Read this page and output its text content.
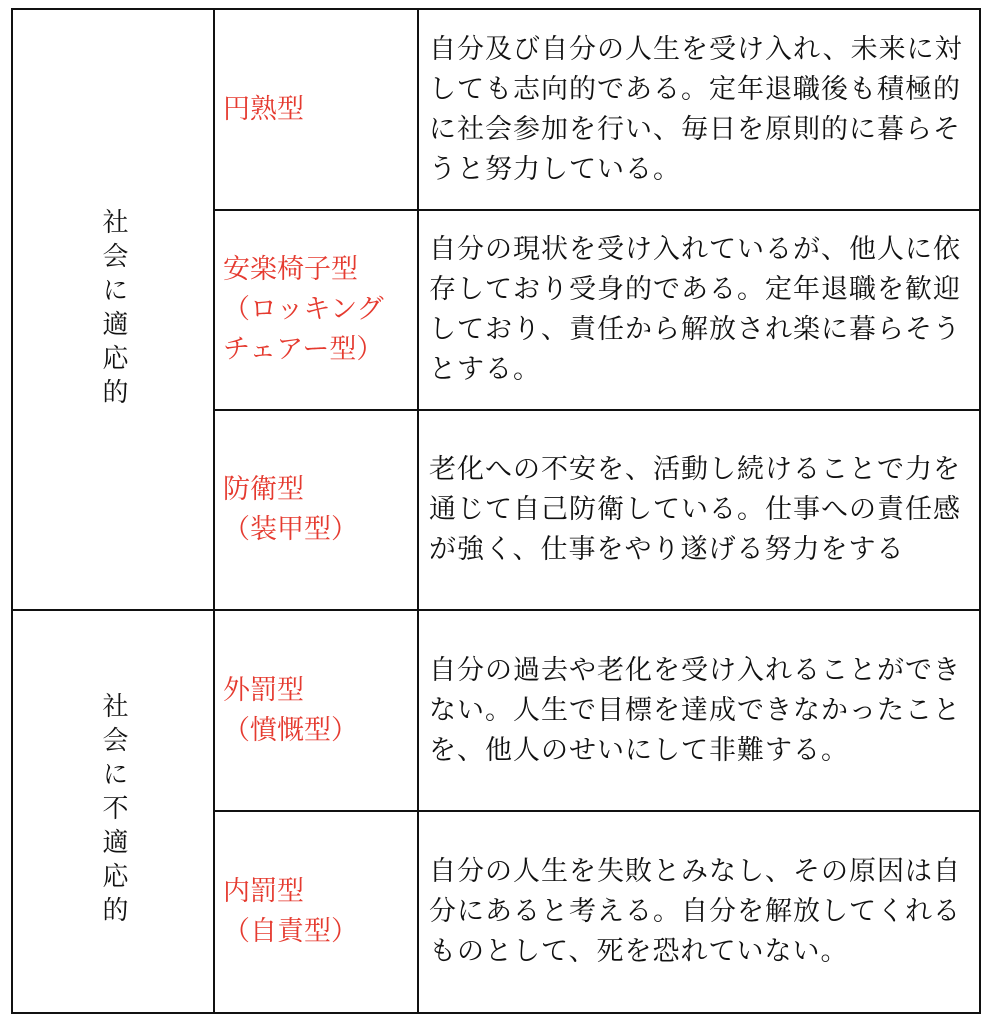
社会に適応的
社会に不適応的
円熟型
自分及び自分の人生を受け入れ、未来に対しても志向的である。定年退職後も積極的に社会参加を行い、毎日を原則的に暮らそうと努力している。
安楽椅子型
（ロッキング
チェアー型）
自分の現状を受け入れているが、他人に依存しており受身的である。定年退職を歓迎しており、責任から解放され楽に暮らそうとする。
防衛型
（装甲型）
老化への不安を、活動し続けることで力を通じて自己防衛している。仕事への責任感が強く、仕事をやり遂げる努力をする
外罰型
（憤慨型）
自分の過去や老化を受け入れることができない。人生で目標を達成できなかったことを、他人のせいにして非難する。
内罰型
（自責型）
自分の人生を失敗とみなし、その原因は自分にあると考える。自分を解放してくれるものとして、死を恐れていない。
